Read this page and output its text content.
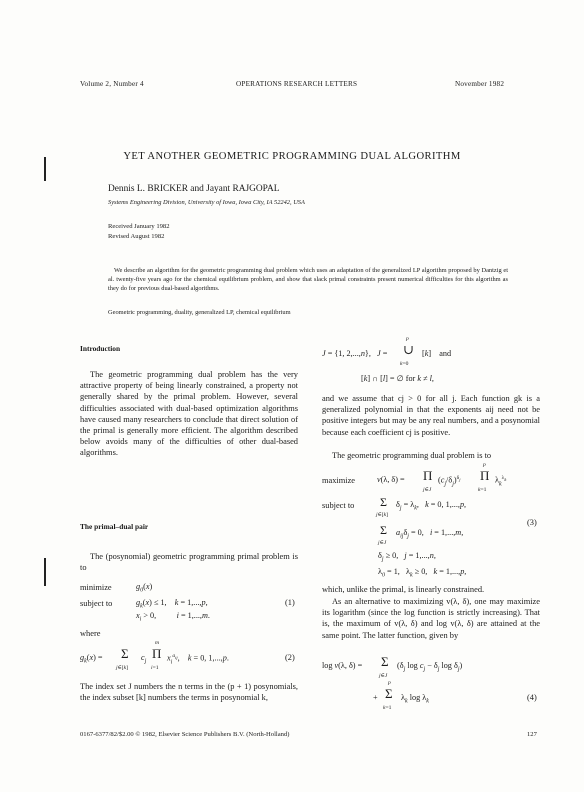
Volume 2, Number 4	OPERATIONS RESEARCH LETTERS	November 1982
YET ANOTHER GEOMETRIC PROGRAMMING DUAL ALGORITHM
Dennis L. BRICKER and Jayant RAJGOPAL
Systems Engineering Division, University of Iowa, Iowa City, IA 52242, USA
Received January 1982
Revised August 1982
We describe an algorithm for the geometric programming dual problem which uses an adaptation of the generalized LP algorithm proposed by Dantzig et al. twenty-five years ago for the chemical equilibrium problem, and show that slack primal constraints present numerical difficulties for this algorithm as they do for previous dual-based algorithms.
Geometric programming, duality, generalized LP, chemical equilibrium
Introduction
The geometric programming dual problem has the very attractive property of being linearly constrained, a property not generally shared by the primal problem. However, several difficulties associated with dual-based optimization algorithms have caused many researchers to conclude that direct solution of the primal is generally more efficient. The algorithm described below avoids many of the difficulties of other dual-based algorithms.
The primal–dual pair
The (posynomial) geometric programming primal problem is to
minimize	$g_0(x)$
subject to	$g_k(x) \le 1$,    k = 1,...,p,
$x_i > 0$,          i = 1,...,m.
(1)
where
$g_k(x) = \Sigma$
j∈[k]
$c_j$
Π
m
i=1
$x_i^{a_{ij}}$,    k = 0, 1,...,p.	(2)
The index set J numbers the n terms in the (p + 1) posynomials, the index subset [k] numbers the terms in posynomial k,
J = {1, 2,...,n},   J = ∪
p
k=0
[k]    and
[k] ∩ [l] = ∅ for k ≠ l,
and we assume that cj > 0 for all j. Each function gk is a generalized polynomial in that the exponents aij need not be positive integers but may be any real numbers, and a posynomial because each coefficient cj is positive.
The geometric programming dual problem is to
maximize	v(λ, δ) = Π
j∈J
$(c_j/\delta_j)^{\delta_j}$ Π
p
k=1
$\lambda_k^{\lambda_k}$
subject to Σ
j∈[k]
$\delta_j = \lambda_k$,   k = 0, 1,...,p,
Σ
j∈J
$a_{ij}\delta_j = 0$,   i = 1,...,m,
$\delta_j \ge 0$,   j = 1,...,n,
$\lambda_0 = 1$,   $\lambda_k \ge 0$,   k = 1,...,p,
(3)
which, unlike the primal, is linearly constrained.
As an alternative to maximizing v(λ, δ), one may maximize its logarithm (since the log function is strictly increasing). That is, the maximum of v(λ, δ) and log v(λ, δ) are attained at the same point. The latter function, given by
log v(λ, δ) = Σ
j∈J
($\delta_j$ $\log c_j - \delta_j$ $\log \delta_j$)
+ Σ
p
k=1
$\lambda_k$ $\log \lambda_k$	(4)
0167-6377/82/$2.00 © 1982, Elsevier Science Publishers B.V. (North-Holland)	127
